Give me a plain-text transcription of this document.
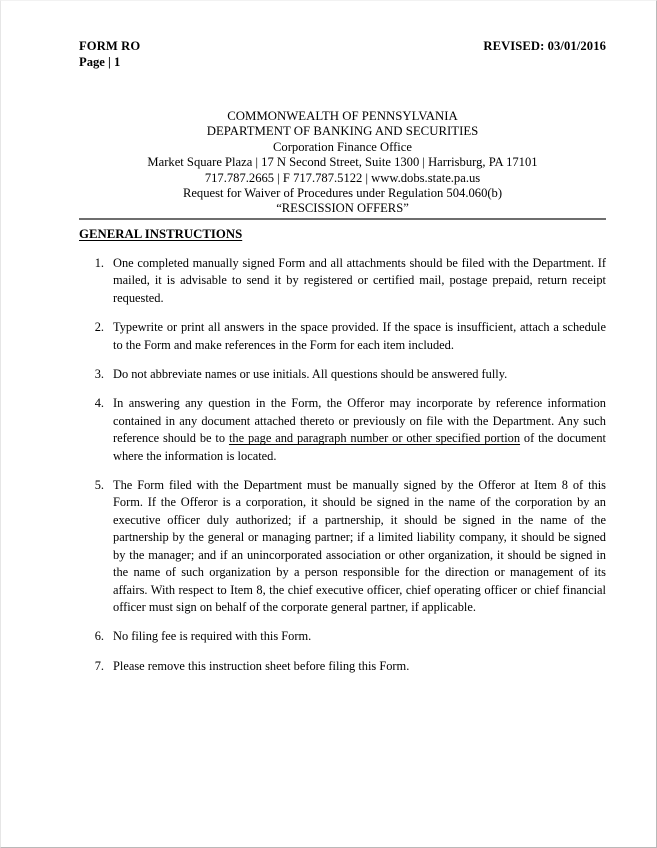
FORM RO	REVISED: 03/01/2016
Page | 1
COMMONWEALTH OF PENNSYLVANIA
DEPARTMENT OF BANKING AND SECURITIES
Corporation Finance Office
Market Square Plaza | 17 N Second Street, Suite 1300 | Harrisburg, PA 17101
717.787.2665 | F 717.787.5122 | www.dobs.state.pa.us
Request for Waiver of Procedures under Regulation 504.060(b)
“RESCISSION OFFERS”
GENERAL INSTRUCTIONS
1. One completed manually signed Form and all attachments should be filed with the Department. If mailed, it is advisable to send it by registered or certified mail, postage prepaid, return receipt requested.
2. Typewrite or print all answers in the space provided. If the space is insufficient, attach a schedule to the Form and make references in the Form for each item included.
3. Do not abbreviate names or use initials. All questions should be answered fully.
4. In answering any question in the Form, the Offeror may incorporate by reference information contained in any document attached thereto or previously on file with the Department. Any such reference should be to the page and paragraph number or other specified portion of the document where the information is located.
5. The Form filed with the Department must be manually signed by the Offeror at Item 8 of this Form. If the Offeror is a corporation, it should be signed in the name of the corporation by an executive officer duly authorized; if a partnership, it should be signed in the name of the partnership by the general or managing partner; if a limited liability company, it should be signed by the manager; and if an unincorporated association or other organization, it should be signed in the name of such organization by a person responsible for the direction or management of its affairs. With respect to Item 8, the chief executive officer, chief operating officer or chief financial officer must sign on behalf of the corporate general partner, if applicable.
6. No filing fee is required with this Form.
7. Please remove this instruction sheet before filing this Form.
